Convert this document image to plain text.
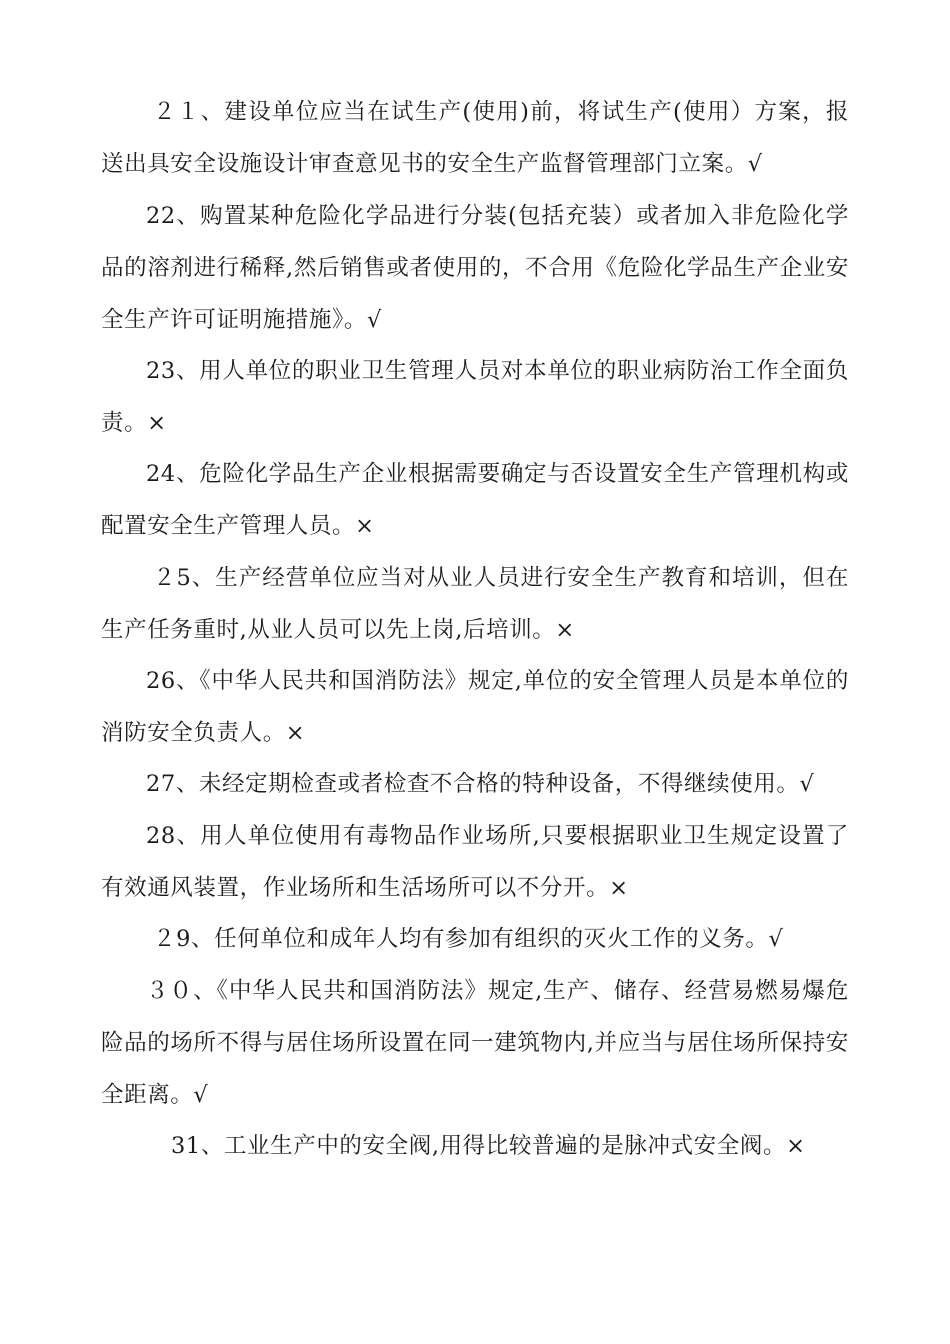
２１、建设单位应当在试生产(使用)前，将试生产(使用）方案，报送出具安全设施设计审查意见书的安全生产监督管理部门立案。√

22、购置某种危险化学品进行分装(包括充装）或者加入非危险化学品的溶剂进行稀释,然后销售或者使用的，不合用《危险化学品生产企业安全生产许可证明施措施》。√

23、用人单位的职业卫生管理人员对本单位的职业病防治工作全面负责。×

24、危险化学品生产企业根据需要确定与否设置安全生产管理机构或配置安全生产管理人员。×

２5、生产经营单位应当对从业人员进行安全生产教育和培训，但在生产任务重时,从业人员可以先上岗,后培训。×

26、《中华人民共和国消防法》规定,单位的安全管理人员是本单位的消防安全负责人。×

27、未经定期检查或者检查不合格的特种设备，不得继续使用。√

28、用人单位使用有毒物品作业场所,只要根据职业卫生规定设置了有效通风装置，作业场所和生活场所可以不分开。×

２9、任何单位和成年人均有参加有组织的灭火工作的义务。√

３０、《中华人民共和国消防法》规定,生产、储存、经营易燃易爆危险品的场所不得与居住场所设置在同一建筑物内,并应当与居住场所保持安全距离。√

31、工业生产中的安全阀,用得比较普遍的是脉冲式安全阀。×
